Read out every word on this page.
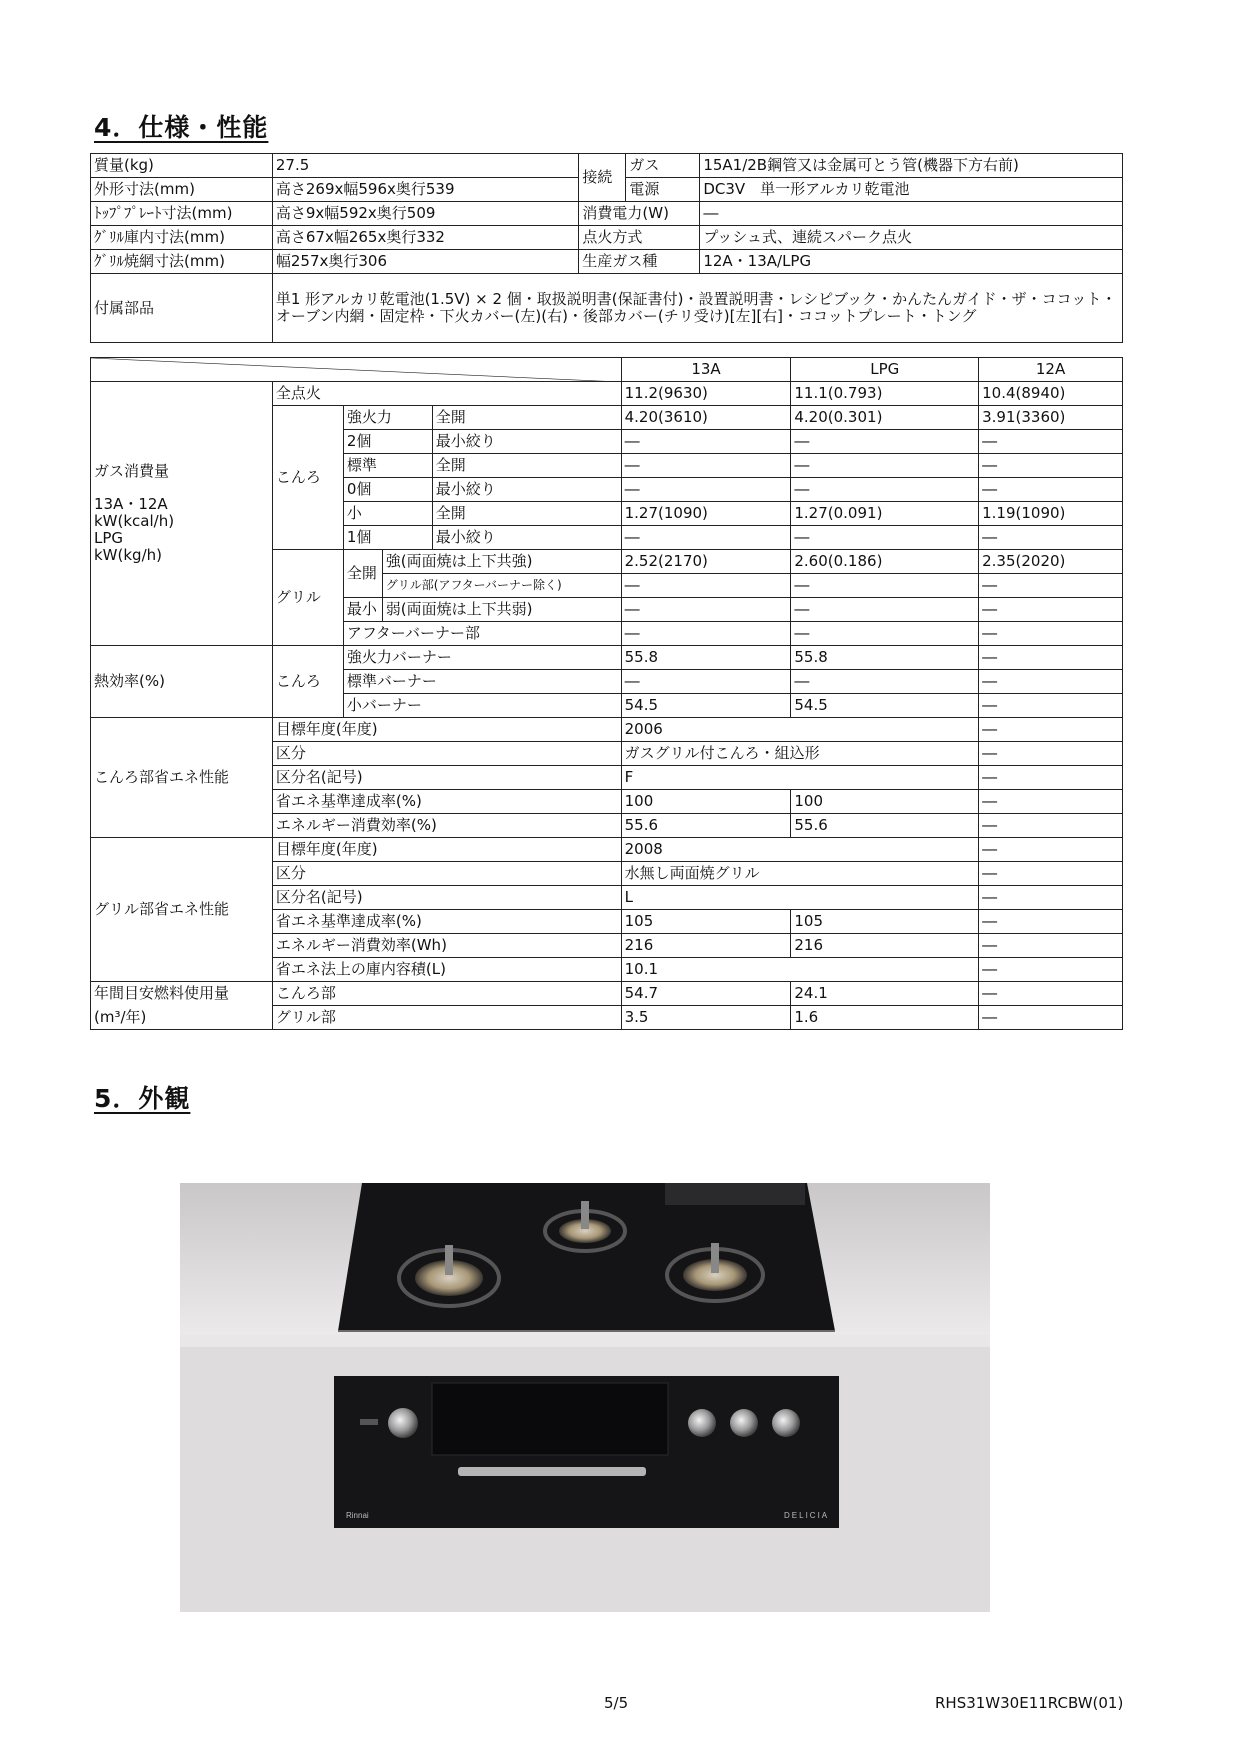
4．仕様・性能
質量(kg)	27.5	接続	ガス	15A1/2B鋼管又は金属可とう管(機器下方右前)
外形寸法(mm)	高さ269x幅596x奥行539		電源	DC3V　単一形アルカリ乾電池
ﾄｯﾌﾟﾌﾟﾚｰﾄ寸法(mm)	高さ9x幅592x奥行509	消費電力(W)		―
ｸﾞﾘﾙ庫内寸法(mm)	高さ67x幅265x奥行332	点火方式		プッシュ式、連続スパーク点火
ｸﾞﾘﾙ焼網寸法(mm)	幅257x奥行306	生産ガス種		12A・13A/LPG
付属部品	単1 形アルカリ乾電池(1.5V) × 2 個・取扱説明書(保証書付)・設置説明書・レシピブック・かんたんガイド・ザ・ココット・オーブン内網・固定枠・下火カバー(左)(右)・後部カバー(チリ受け)[左][右]・ココットプレート・トング			
	13A	LPG	12A

ガス消費量
13A・12A
kW(kcal/h)
LPG
kW(kg/h)	全点火				11.2(9630)	11.1(0.793)	10.4(8940)
	こんろ	強火力		全開	4.20(3610)	4.20(0.301)	3.91(3360)
		2個		最小絞り	―	―	―
		標準		全開	―	―	―
		0個		最小絞り	―	―	―
		小		全開	1.27(1090)	1.27(0.091)	1.19(1090)
		1個		最小絞り	―	―	―
	グリル	全開	強(両面焼は上下共強)		2.52(2170)	2.60(0.186)	2.35(2020)
			グリル部(アフターバーナー除く)		―	―	―
		最小	弱(両面焼は上下共弱)		―	―	―
		アフターバーナー部			―	―	―
熱効率(%)	こんろ	強火力バーナー			55.8	55.8	―
		標準バーナー			―	―	―
		小バーナー			54.5	54.5	―
こんろ部省エネ性能	目標年度(年度)				2006		―
	区分				ガスグリル付こんろ・組込形		―
	区分名(記号)				F		―
	省エネ基準達成率(%)				100	100	―
	エネルギー消費効率(%)				55.6	55.6	―
グリル部省エネ性能	目標年度(年度)				2008		―
	区分				水無し両面焼グリル		―
	区分名(記号)				L		―
	省エネ基準達成率(%)				105	105	―
	エネルギー消費効率(Wh)				216	216	―
	省エネ法上の庫内容積(L)				10.1		―
年間目安燃料使用量	こんろ部				54.7	24.1	―
(m³/年)	グリル部				3.5	1.6	―
5．外観
Rinnai	DELICIA
5/5	RHS31W30E11RCBW(01)
